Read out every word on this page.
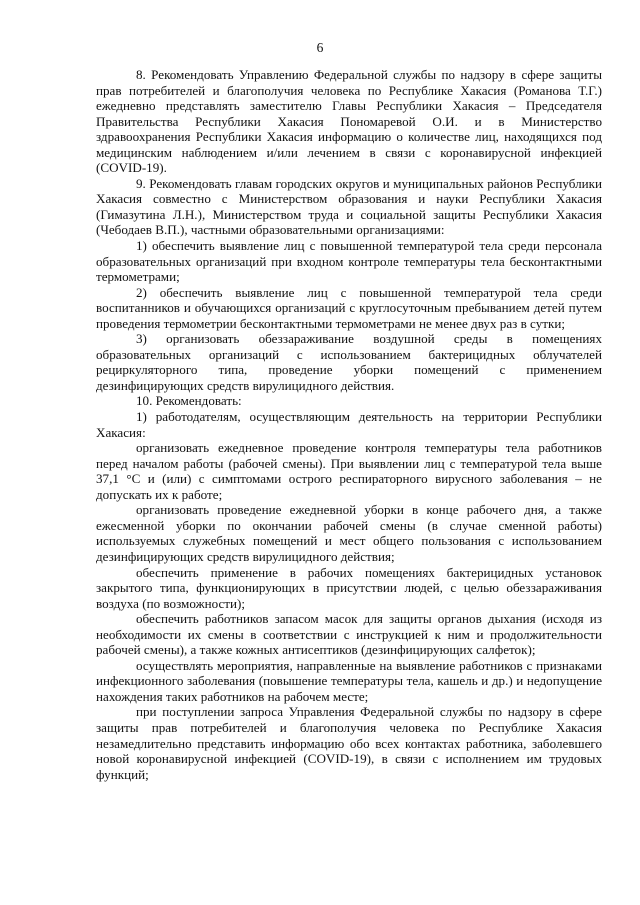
6

8. Рекомендовать Управлению Федеральной службы по надзору в сфере защиты прав потребителей и благополучия человека по Республике Хакасия (Романова Т.Г.) ежедневно представлять заместителю Главы Республики Хакасия – Председателя Правительства Республики Хакасия Пономаревой О.И. и в Министерство здравоохранения Республики Хакасия информацию о количестве лиц, находящихся под медицинским наблюдением и/или лечением в связи с коронавирусной инфекцией (COVID-19).

9. Рекомендовать главам городских округов и муниципальных районов Республики Хакасия совместно с Министерством образования и науки Республики Хакасия (Гимазутина Л.Н.), Министерством труда и социальной защиты Республики Хакасия (Чебодаев В.П.), частными образовательными организациями:

1) обеспечить выявление лиц с повышенной температурой тела среди персонала образовательных организаций при входном контроле температуры тела бесконтактными термометрами;

2) обеспечить выявление лиц с повышенной температурой тела среди воспитанников и обучающихся организаций с круглосуточным пребыванием детей путем проведения термометрии бесконтактными термометрами не менее двух раз в сутки;

3) организовать обеззараживание воздушной среды в помещениях образовательных организаций с использованием бактерицидных облучателей рециркуляторного типа, проведение уборки помещений с применением дезинфицирующих средств вирулицидного действия.

10. Рекомендовать:

1) работодателям, осуществляющим деятельность на территории Республики Хакасия:

организовать ежедневное проведение контроля температуры тела работников перед началом работы (рабочей смены). При выявлении лиц с температурой тела выше 37,1 °C и (или) с симптомами острого респираторного вирусного заболевания – не допускать их к работе;

организовать проведение ежедневной уборки в конце рабочего дня, а также ежесменной уборки по окончании рабочей смены (в случае сменной работы) используемых служебных помещений и мест общего пользования с использованием дезинфицирующих средств вирулицидного действия;

обеспечить применение в рабочих помещениях бактерицидных установок закрытого типа, функционирующих в присутствии людей, с целью обеззараживания воздуха (по возможности);

обеспечить работников запасом масок для защиты органов дыхания (исходя из необходимости их смены в соответствии с инструкцией к ним и продолжительности рабочей смены), а также кожных антисептиков (дезинфицирующих салфеток);

осуществлять мероприятия, направленные на выявление работников с признаками инфекционного заболевания (повышение температуры тела, кашель и др.) и недопущение нахождения таких работников на рабочем месте;

при поступлении запроса Управления Федеральной службы по надзору в сфере защиты прав потребителей и благополучия человека по Республике Хакасия незамедлительно представить информацию обо всех контактах работника, заболевшего новой коронавирусной инфекцией (COVID-19), в связи с исполнением им трудовых функций;
